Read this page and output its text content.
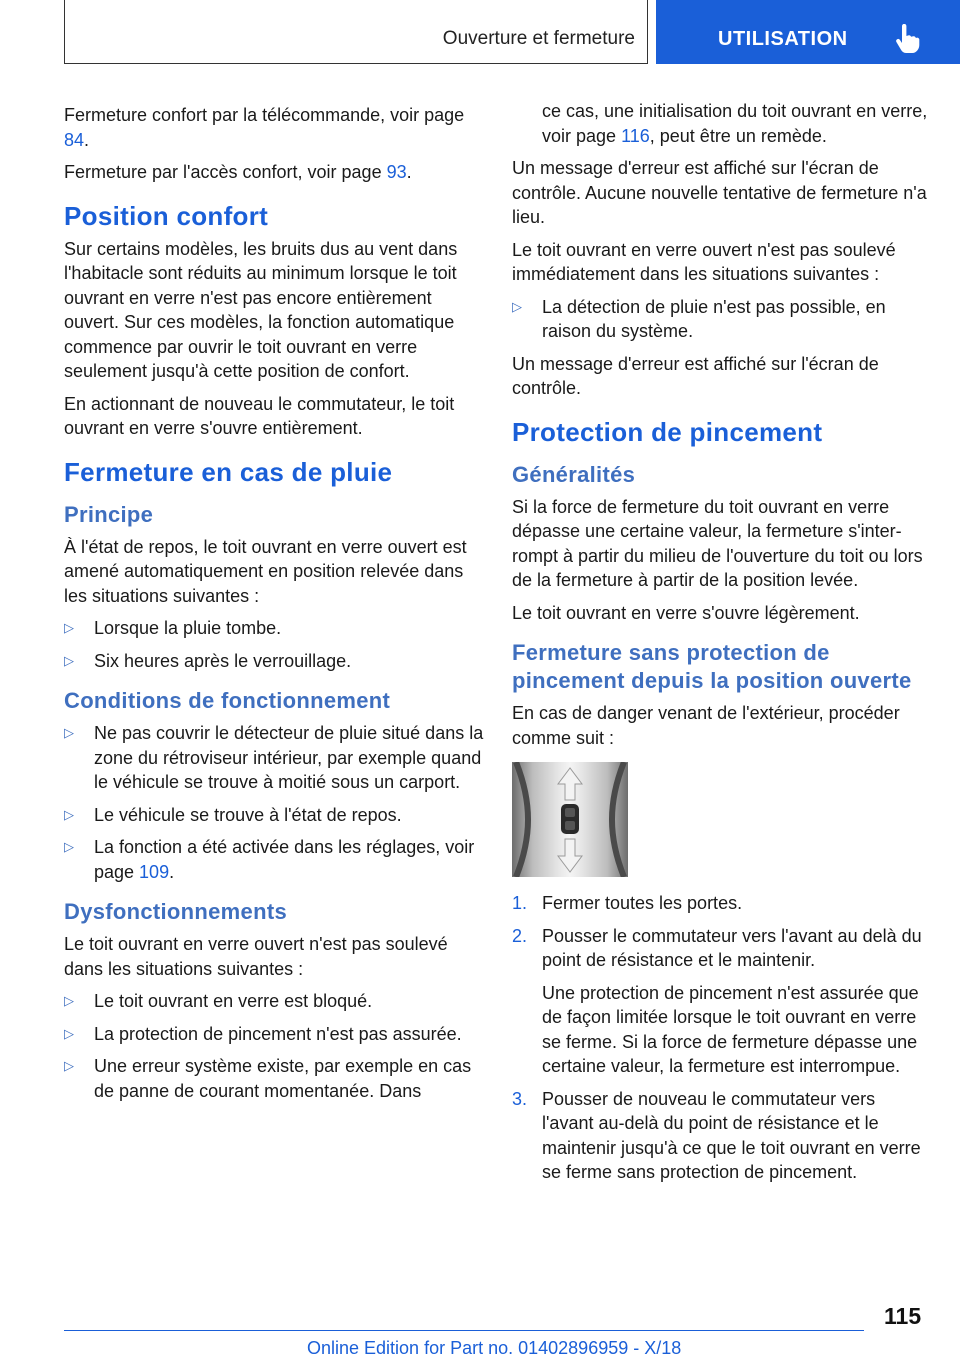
Ouverture et fermeture	UTILISATION

Fermeture confort par la télécommande, voir page 84.

Fermeture par l'accès confort, voir page 93.

Position confort

Sur certains modèles, les bruits dus au vent dans l'habitacle sont réduits au minimum lorsque le toit ouvrant en verre n'est pas encore entièrement ouvert. Sur ces modèles, la fonction automatique commence par ouvrir le toit ouvrant en verre seulement jusqu'à cette position de confort.

En actionnant de nouveau le commutateur, le toit ouvrant en verre s'ouvre entièrement.

Fermeture en cas de pluie
Principe

À l'état de repos, le toit ouvrant en verre ouvert est amené automatiquement en position relevée dans les situations suivantes :

▷ Lorsque la pluie tombe.
▷ Six heures après le verrouillage.
Conditions de fonctionnement
▷ Ne pas couvrir le détecteur de pluie situé dans la zone du rétroviseur intérieur, par exemple quand le véhicule se trouve à moitié sous un carport.
▷ Le véhicule se trouve à l'état de repos.
▷ La fonction a été activée dans les réglages, voir page 109.
Dysfonctionnements

Le toit ouvrant en verre ouvert n'est pas soulevé dans les situations suivantes :

▷ Le toit ouvrant en verre est bloqué.
▷ La protection de pincement n'est pas assurée.
▷ Une erreur système existe, par exemple en cas de panne de courant momentanée. Dans

ce cas, une initialisation du toit ouvrant en verre, voir page 116, peut être un remède.

Un message d'erreur est affiché sur l'écran de contrôle. Aucune nouvelle tentative de fermeture n'a lieu.

Le toit ouvrant en verre ouvert n'est pas soulevé immédiatement dans les situations suivantes :

▷ La détection de pluie n'est pas possible, en raison du système.

Un message d'erreur est affiché sur l'écran de contrôle.

Protection de pincement
Généralités

Si la force de fermeture du toit ouvrant en verre dépasse une certaine valeur, la fermeture s'interrompt à partir du milieu de l'ouverture du toit ou lors de la fermeture à partir de la position levée.

Le toit ouvrant en verre s'ouvre légèrement.

Fermeture sans protection de pincement depuis la position ouverte

En cas de danger venant de l'extérieur, procéder comme suit :

1. Fermer toutes les portes.
2. Pousser le commutateur vers l'avant au delà du point de résistance et le maintenir.

Une protection de pincement n'est assurée que de façon limitée lorsque le toit ouvrant en verre se ferme. Si la force de fermeture dépasse une certaine valeur, la fermeture est interrompue.

3. Pousser de nouveau le commutateur vers l'avant au-delà du point de résistance et le maintenir jusqu'à ce que le toit ouvrant en verre se ferme sans protection de pincement.
115
Online Edition for Part no. 01402896959 - X/18
